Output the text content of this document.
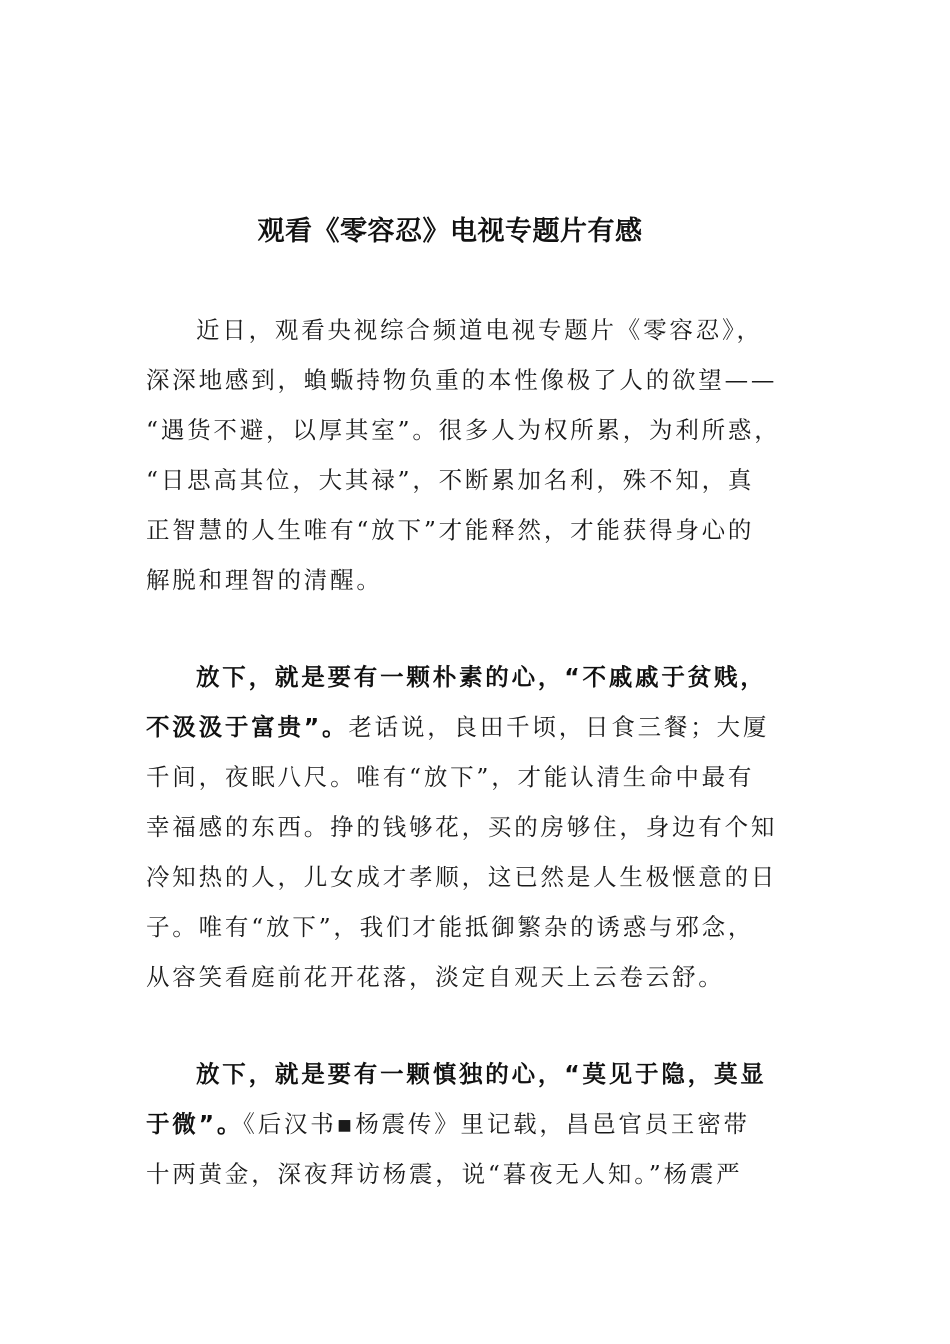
观看《零容忍》电视专题片有感
近日，观看央视综合频道电视专题片《零容忍》，
深深地感到，蝜蝂持物负重的本性像极了人的欲望——
“遇货不避，以厚其室”。很多人为权所累，为利所惑，
“日思高其位，大其禄”，不断累加名利，殊不知，真
正智慧的人生唯有“放下”才能释然，才能获得身心的
解脱和理智的清醒。
放下，就是要有一颗朴素的心，“不戚戚于贫贱，
不汲汲于富贵”。老话说，良田千顷，日食三餐；大厦
千间，夜眠八尺。唯有“放下”，才能认清生命中最有
幸福感的东西。挣的钱够花，买的房够住，身边有个知
冷知热的人，儿女成才孝顺，这已然是人生极惬意的日
子。唯有“放下”，我们才能抵御繁杂的诱惑与邪念，
从容笑看庭前花开花落，淡定自观天上云卷云舒。
放下，就是要有一颗慎独的心，“莫见于隐，莫显
于微”。《后汉书▪杨震传》里记载，昌邑官员王密带
十两黄金，深夜拜访杨震，说“暮夜无人知。”杨震严
